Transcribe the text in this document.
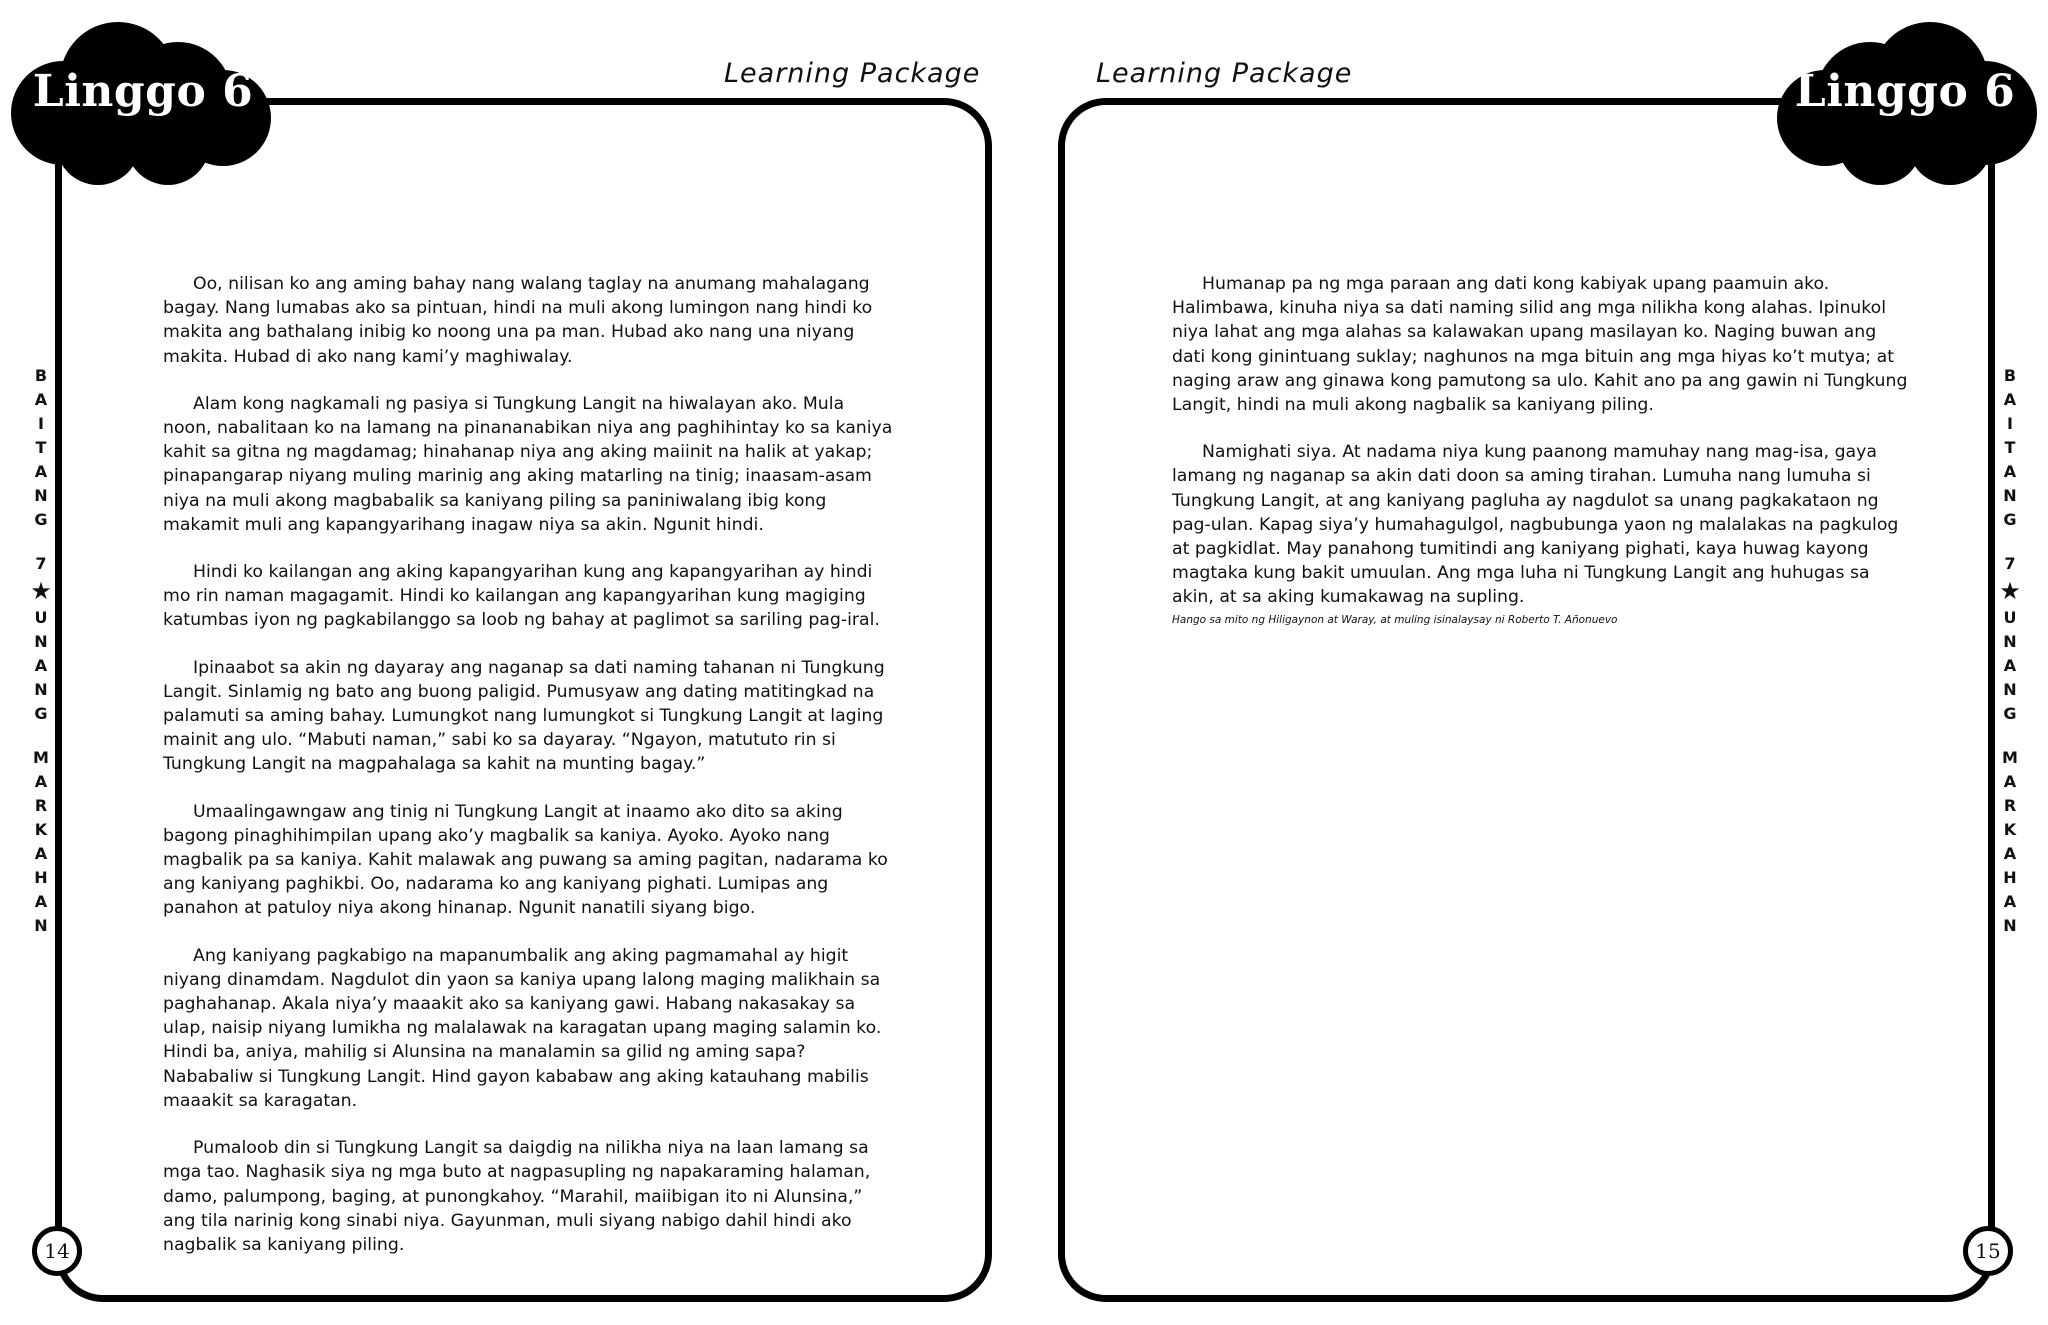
Linggo 6	Learning Package
B
A
I
T
A
N
G
7
★
U
N
A
N
G
M
A
R
K
A
H
A
N

Oo, nilisan ko ang aming bahay nang walang taglay na anumang mahalagang bagay. Nang lumabas ako sa pintuan, hindi na muli akong lumingon nang hindi ko makita ang bathalang inibig ko noong una pa man. Hubad ako nang una niyang makita. Hubad di ako nang kami’y maghiwalay.

Alam kong nagkamali ng pasiya si Tungkung Langit na hiwalayan ako. Mula noon, nabalitaan ko na lamang na pinananabikan niya ang paghihintay ko sa kaniya kahit sa gitna ng magdamag; hinahanap niya ang aking maiinit na halik at yakap; pinapangarap niyang muling marinig ang aking matarling na tinig; inaasam-asam niya na muli akong magbabalik sa kaniyang piling sa paniniwalang ibig kong makamit muli ang kapangyarihang inagaw niya sa akin. Ngunit hindi.

Hindi ko kailangan ang aking kapangyarihan kung ang kapangyarihan ay hindi mo rin naman magagamit. Hindi ko kailangan ang kapangyarihan kung magiging katumbas iyon ng pagkabilanggo sa loob ng bahay at paglimot sa sariling pag-iral.

Ipinaabot sa akin ng dayaray ang naganap sa dati naming tahanan ni Tungkung Langit. Sinlamig ng bato ang buong paligid. Pumusyaw ang dating matitingkad na palamuti sa aming bahay. Lumungkot nang lumungkot si Tungkung Langit at laging mainit ang ulo. “Mabuti naman,” sabi ko sa dayaray. “Ngayon, matututo rin si Tungkung Langit na magpahalaga sa kahit na munting bagay.”

Umaalingawngaw ang tinig ni Tungkung Langit at inaamo ako dito sa aking bagong pinaghihimpilan upang ako’y magbalik sa kaniya. Ayoko. Ayoko nang magbalik pa sa kaniya. Kahit malawak ang puwang sa aming pagitan, nadarama ko ang kaniyang paghikbi. Oo, nadarama ko ang kaniyang pighati. Lumipas ang panahon at patuloy niya akong hinanap. Ngunit nanatili siyang bigo.

Ang kaniyang pagkabigo na mapanumbalik ang aking pagmamahal ay higit niyang dinamdam. Nagdulot din yaon sa kaniya upang lalong maging malikhain sa paghahanap. Akala niya’y maaakit ako sa kaniyang gawi. Habang nakasakay sa ulap, naisip niyang lumikha ng malalawak na karagatan upang maging salamin ko. Hindi ba, aniya, mahilig si Alunsina na manalamin sa gilid ng aming sapa? Nababaliw si Tungkung Langit. Hind gayon kababaw ang aking katauhang mabilis maaakit sa karagatan.

Pumaloob din si Tungkung Langit sa daigdig na nilikha niya na laan lamang sa mga tao. Naghasik siya ng mga buto at nagpasupling ng napakaraming halaman, damo, palumpong, baging, at punongkahoy. “Marahil, maiibigan ito ni Alunsina,” ang tila narinig kong sinabi niya. Gayunman, muli siyang nabigo dahil hindi ako nagbalik sa kaniyang piling.

14
Linggo 6
Learning Package
B
A
I
T
A
N
G
7
★
U
N
A
N
G
M
A
R
K
A
H
A
N

Humanap pa ng mga paraan ang dati kong kabiyak upang paamuin ako. Halimbawa, kinuha niya sa dati naming silid ang mga nilikha kong alahas. Ipinukol niya lahat ang mga alahas sa kalawakan upang masilayan ko. Naging buwan ang dati kong ginintuang suklay; naghunos na mga bituin ang mga hiyas ko’t mutya; at naging araw ang ginawa kong pamutong sa ulo. Kahit ano pa ang gawin ni Tungkung Langit, hindi na muli akong nagbalik sa kaniyang piling.

Namighati siya. At nadama niya kung paanong mamuhay nang mag-isa, gaya lamang ng naganap sa akin dati doon sa aming tirahan. Lumuha nang lumuha si Tungkung Langit, at ang kaniyang pagluha ay nagdulot sa unang pagkakataon ng pag-ulan. Kapag siya’y humahagulgol, nagbubunga yaon ng malalakas na pagkulog at pagkidlat. May panahong tumitindi ang kaniyang pighati, kaya huwag kayong magtaka kung bakit umuulan. Ang mga luha ni Tungkung Langit ang huhugas sa akin, at sa aking kumakawag na supling.

Hango sa mito ng Hiligaynon at Waray, at muling isinalaysay ni Roberto T. Añonuevo

15
